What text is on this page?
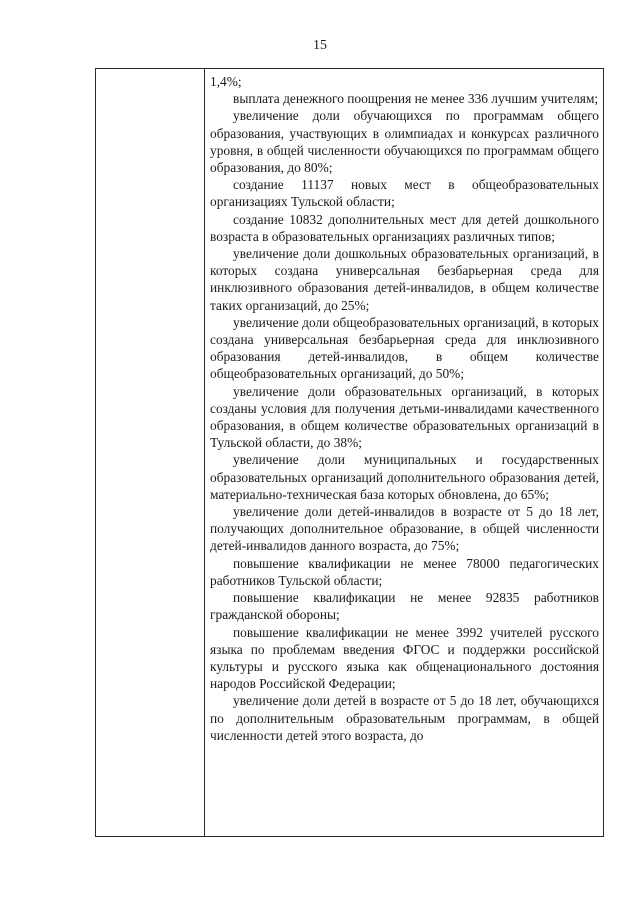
15

1,4%;

выплата денежного поощрения не менее 336 лучшим учителям;

увеличение доли обучающихся по программам общего образования, участвующих в олимпиадах и конкурсах различного уровня, в общей численности обучающихся по программам общего образования, до 80%;

создание 11137 новых мест в общеобразовательных организациях Тульской области;

создание 10832 дополнительных мест для детей дошкольного возраста в образовательных организациях различных типов;

увеличение доли дошкольных образовательных организаций, в которых создана универсальная безбарьерная среда для инклюзивного образования детей-инвалидов, в общем количестве таких организаций, до 25%;

увеличение доли общеобразовательных организаций, в которых создана универсальная безбарьерная среда для инклюзивного образования детей-инвалидов, в общем количестве общеобразовательных организаций, до 50%;

увеличение доли образовательных организаций, в которых созданы условия для получения детьми-инвалидами качественного образования, в общем количестве образовательных организаций в Тульской области, до 38%;

увеличение доли муниципальных и государственных образовательных организаций дополнительного образования детей, материально-техническая база которых обновлена, до 65%;

увеличение доли детей-инвалидов в возрасте от 5 до 18 лет, получающих дополнительное образование, в общей численности детей-инвалидов данного возраста, до 75%;

повышение квалификации не менее 78000 педагогических работников Тульской области;

повышение квалификации не менее 92835 работников гражданской обороны;

повышение квалификации не менее 3992 учителей русского языка по проблемам введения ФГОС и поддержки российской культуры и русского языка как общенационального достояния народов Российской Федерации;

увеличение доли детей в возрасте от 5 до 18 лет, обучающихся по дополнительным образовательным программам, в общей численности детей этого возраста, до
